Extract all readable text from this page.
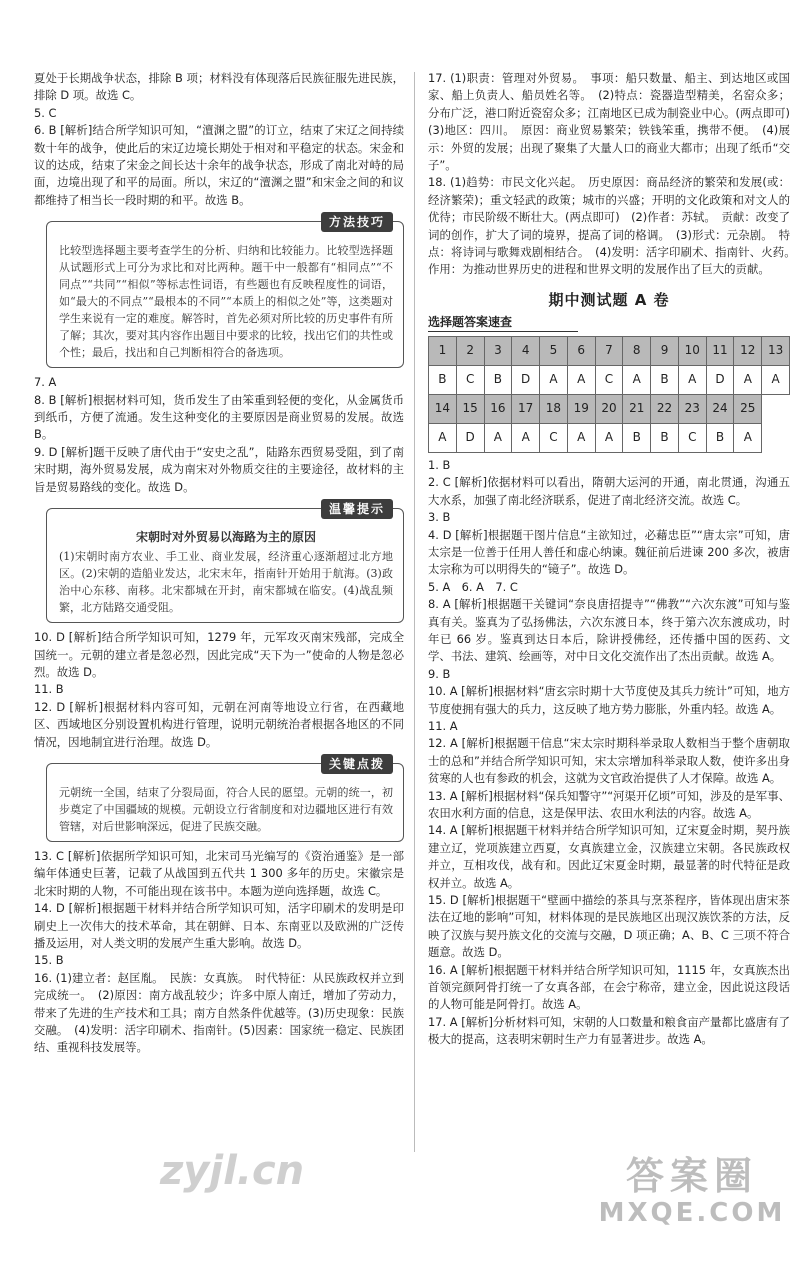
夏处于长期战争状态，排除 B 项；材料没有体现落后民族征服先进民族，排除 D 项。故选 C。

5. C

6. B [解析]结合所学知识可知，“澶渊之盟”的订立，结束了宋辽之间持续数十年的战争，使此后的宋辽边境长期处于相对和平稳定的状态。宋金和议的达成，结束了宋金之间长达十余年的战争状态，形成了南北对峙的局面，边境出现了和平的局面。所以，宋辽的“澶渊之盟”和宋金之间的和议都维持了相当长一段时期的和平。故选 B。

方法技巧

比较型选择题主要考查学生的分析、归纳和比较能力。比较型选择题从试题形式上可分为求比和对比两种。题干中一般都有“相同点”“不同点”“共同”“相似”等标志性词语，有些题也有反映程度性的词语，如“最大的不同点”“最根本的不同”“本质上的相似之处”等，这类题对学生来说有一定的难度。解答时，首先必须对所比较的历史事件有所了解；其次，要对其内容作出题目中要求的比较，找出它们的共性或个性；最后，找出和自己判断相符合的备选项。

7. A

8. B [解析]根据材料可知，货币发生了由笨重到轻便的变化，从金属货币到纸币，方便了流通。发生这种变化的主要原因是商业贸易的发展。故选 B。

9. D [解析]题干反映了唐代由于“安史之乱”，陆路东西贸易受阻，到了南宋时期，海外贸易发展，成为南宋对外物质交往的主要途径，故材料的主旨是贸易路线的变化。故选 D。

温馨提示
宋朝时对外贸易以海路为主的原因

(1)宋朝时南方农业、手工业、商业发展，经济重心逐渐超过北方地区。(2)宋朝的造船业发达，北宋末年，指南针开始用于航海。(3)政治中心东移、南移。北宋都城在开封，南宋都城在临安。(4)战乱频繁，北方陆路交通受阻。

10. D [解析]结合所学知识可知，1279 年，元军攻灭南宋残部，完成全国统一。元朝的建立者是忽必烈，因此完成“天下为一”使命的人物是忽必烈。故选 D。

11. B

12. D [解析]根据材料内容可知，元朝在河南等地设立行省，在西藏地区、西域地区分别设置机构进行管理，说明元朝统治者根据各地区的不同情况，因地制宜进行治理。故选 D。

关键点拨

元朝统一全国，结束了分裂局面，符合人民的愿望。元朝的统一，初步奠定了中国疆域的规模。元朝设立行省制度和对边疆地区进行有效管辖，对后世影响深远，促进了民族交融。

13. C [解析]依据所学知识可知，北宋司马光编写的《资治通鉴》是一部编年体通史巨著，记载了从战国到五代共 1 300 多年的历史。宋徽宗是北宋时期的人物，不可能出现在该书中。本题为逆向选择题，故选 C。

14. D [解析]根据题干材料并结合所学知识可知，活字印刷术的发明是印刷史上一次伟大的技术革命，其在朝鲜、日本、东南亚以及欧洲的广泛传播及运用，对人类文明的发展产生重大影响。故选 D。

15. B

16. (1)建立者：赵匡胤。　民族：女真族。　时代特征：从民族政权并立到完成统一。　(2)原因：南方战乱较少；许多中原人南迁，增加了劳动力，带来了先进的生产技术和工具；南方自然条件优越等。(3)历史现象：民族交融。　(4)发明：活字印刷术、指南针。(5)因素：国家统一稳定、民族团结、重视科技发展等。

17. (1)职责：管理对外贸易。　事项：船只数量、船主、到达地区或国家、船上负责人、船员姓名等。　(2)特点：瓷器造型精美，名窑众多；分布广泛，港口附近瓷窑众多；江南地区已成为制瓷业中心。(两点即可)　(3)地区：四川。　原因：商业贸易繁荣；铁钱笨重，携带不便。　(4)展示：外贸的发展；出现了聚集了大量人口的商业大都市；出现了纸币“交子”。

18. (1)趋势：市民文化兴起。　历史原因：商品经济的繁荣和发展(或：经济繁荣)；重文轻武的政策；城市的兴盛；开明的文化政策和对文人的优待；市民阶级不断壮大。(两点即可)　(2)作者：苏轼。　贡献：改变了词的创作，扩大了词的境界，提高了词的格调。　(3)形式：元杂剧。　特点：将诗词与歌舞戏剧相结合。　(4)发明：活字印刷术、指南针、火药。　作用：为推动世界历史的进程和世界文明的发展作出了巨大的贡献。

期中测试题 A 卷
选择题答案速查
1	2	3	4	5	6	7	8	9	10	11	12	13
B	C	B	D	A	A	C	A	B	A	D	A	A
14	15	16	17	18	19	20	21	22	23	24	25	
A	D	A	A	C	A	A	B	B	C	B	A	

1. B

2. C [解析]依据材料可以看出，隋朝大运河的开通，南北贯通，沟通五大水系，加强了南北经济联系，促进了南北经济交流。故选 C。

3. B

4. D [解析]根据题干图片信息“主欲知过，必藉忠臣”“唐太宗”可知，唐太宗是一位善于任用人善任和虚心纳谏。魏征前后进谏 200 多次，被唐太宗称为可以明得失的“镜子”。故选 D。

5. A　6. A　7. C

8. A [解析]根据题干关键词“奈良唐招提寺”“佛教”“六次东渡”可知与鉴真有关。鉴真为了弘扬佛法，六次东渡日本，终于第六次东渡成功，时年已 66 岁。鉴真到达日本后，除讲授佛经，还传播中国的医药、文学、书法、建筑、绘画等，对中日文化交流作出了杰出贡献。故选 A。

9. B

10. A [解析]根据材料“唐玄宗时期十大节度使及其兵力统计”可知，地方节度使拥有强大的兵力，这反映了地方势力膨胀，外重内轻。故选 A。

11. A

12. A [解析]根据题干信息“宋太宗时期科举录取人数相当于整个唐朝取士的总和”并结合所学知识可知，宋太宗增加科举录取人数，使许多出身贫寒的人也有参政的机会，这就为文官政治提供了人才保障。故选 A。

13. A [解析]根据材料“保兵知警守”“河渠开亿顷”可知，涉及的是军事、农田水利方面的信息，这是保甲法、农田水利法的内容。故选 A。

14. A [解析]根据题干材料并结合所学知识可知，辽宋夏金时期，契丹族建立辽，党项族建立西夏，女真族建立金，汉族建立宋朝。各民族政权并立，互相攻伐，战有和。因此辽宋夏金时期，最显著的时代特征是政权并立。故选 A。

15. D [解析]根据题干“壁画中描绘的茶具与烹茶程序，皆体现出唐宋茶法在辽地的影响”可知，材料体现的是民族地区出现汉族饮茶的方法，反映了汉族与契丹族文化的交流与交融，D 项正确；A、B、C 三项不符合题意。故选 D。

16. A [解析]根据题干材料并结合所学知识可知，1115 年，女真族杰出首领完颜阿骨打统一了女真各部，在会宁称帝，建立金，因此说这段话的人物可能是阿骨打。故选 A。

17. A [解析]分析材料可知，宋朝的人口数量和粮食亩产量都比盛唐有了极大的提高，这表明宋朝时生产力有显著进步。故选 A。

zyjl.cn	答案圈
MXQE.COM
